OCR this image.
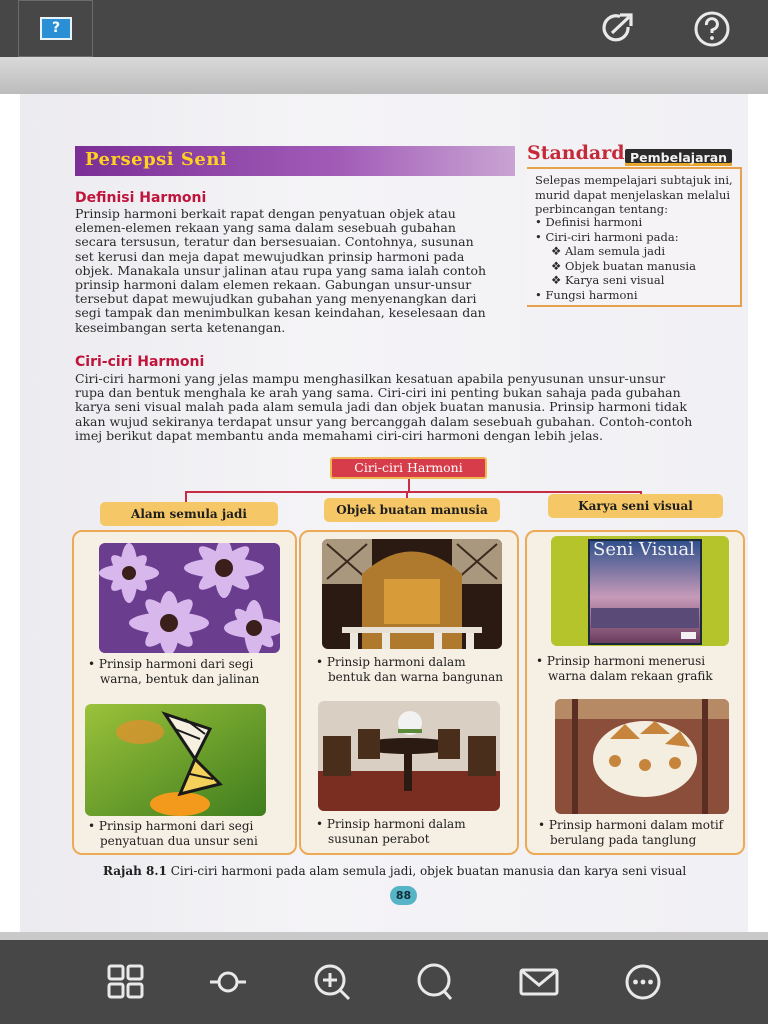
?
Persepsi Seni
Definisi Harmoni
Prinsip harmoni berkait rapat dengan penyatuan objek atau
elemen-elemen rekaan yang sama dalam sesebuah gubahan
secara tersusun, teratur dan bersesuaian. Contohnya, susunan
set kerusi dan meja dapat mewujudkan prinsip harmoni pada
objek. Manakala unsur jalinan atau rupa yang sama ialah contoh
prinsip harmoni dalam elemen rekaan. Gabungan unsur-unsur
tersebut dapat mewujudkan gubahan yang menyenangkan dari
segi tampak dan menimbulkan kesan keindahan, keselesaan dan
keseimbangan serta ketenangan.
Standard Pembelajaran
Selepas mempelajari subtajuk ini,
murid dapat menjelaskan melalui
perbincangan tentang:
• Definisi harmoni
• Ciri-ciri harmoni pada:
❖ Alam semula jadi
❖ Objek buatan manusia
❖ Karya seni visual
• Fungsi harmoni
Ciri-ciri Harmoni
Ciri-ciri harmoni yang jelas mampu menghasilkan kesatuan apabila penyusunan unsur-unsur
rupa dan bentuk menghala ke arah yang sama. Ciri-ciri ini penting bukan sahaja pada gubahan
karya seni visual malah pada alam semula jadi dan objek buatan manusia. Prinsip harmoni tidak
akan wujud sekiranya terdapat unsur yang bercanggah dalam sesebuah gubahan. Contoh-contoh
imej berikut dapat membantu anda memahami ciri-ciri harmoni dengan lebih jelas.
Ciri-ciri Harmoni
Alam semula jadi	Objek buatan manusia	Karya seni visual
• Prinsip harmoni dari segi
warna, bentuk dan jalinan
• Prinsip harmoni dari segi
penyatuan dua unsur seni
• Prinsip harmoni dalam
bentuk dan warna bangunan
• Prinsip harmoni dalam
susunan perabot
Seni Visual
• Prinsip harmoni menerusi
warna dalam rekaan grafik
• Prinsip harmoni dalam motif
berulang pada tanglung
Rajah 8.1 Ciri-ciri harmoni pada alam semula jadi, objek buatan manusia dan karya seni visual
88
